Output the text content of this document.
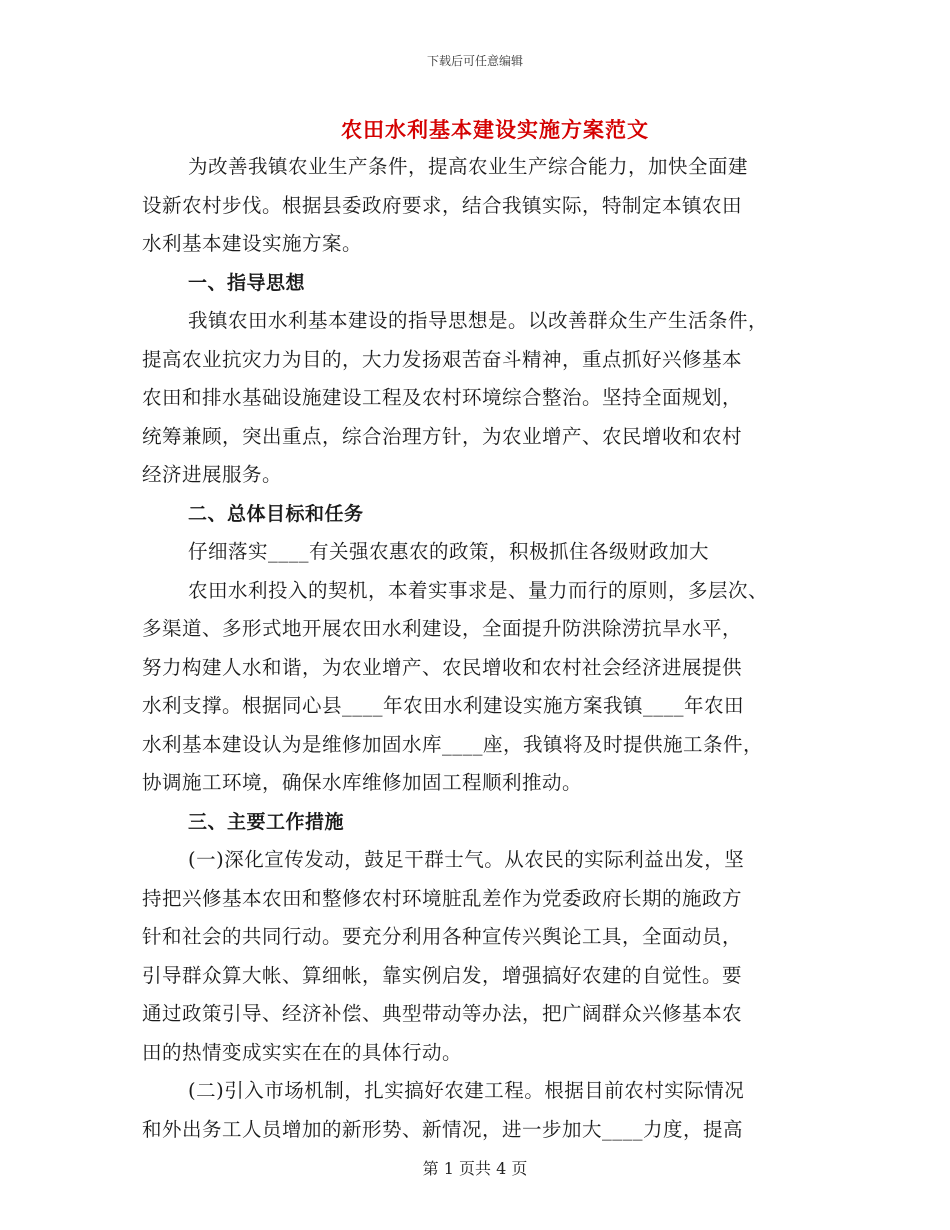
下载后可任意编辑
农田水利基本建设实施方案范文
为改善我镇农业生产条件，提高农业生产综合能力，加快全面建
设新农村步伐。根据县委政府要求，结合我镇实际，特制定本镇农田
水利基本建设实施方案。
一、指导思想
我镇农田水利基本建设的指导思想是。以改善群众生产生活条件，
提高农业抗灾力为目的，大力发扬艰苦奋斗精神，重点抓好兴修基本
农田和排水基础设施建设工程及农村环境综合整治。坚持全面规划，
统筹兼顾，突出重点，综合治理方针，为农业增产、农民增收和农村
经济进展服务。
二、总体目标和任务
仔细落实____有关强农惠农的政策，积极抓住各级财政加大
农田水利投入的契机，本着实事求是、量力而行的原则，多层次、
多渠道、多形式地开展农田水利建设，全面提升防洪除涝抗旱水平，
努力构建人水和谐，为农业增产、农民增收和农村社会经济进展提供
水利支撑。根据同心县____年农田水利建设实施方案我镇____年农田
水利基本建设认为是维修加固水库____座，我镇将及时提供施工条件，
协调施工环境，确保水库维修加固工程顺利推动。
三、主要工作措施
(一)深化宣传发动，鼓足干群士气。从农民的实际利益出发，坚
持把兴修基本农田和整修农村环境脏乱差作为党委政府长期的施政方
针和社会的共同行动。要充分利用各种宣传兴舆论工具，全面动员，
引导群众算大帐、算细帐，靠实例启发，增强搞好农建的自觉性。要
通过政策引导、经济补偿、典型带动等办法，把广阔群众兴修基本农
田的热情变成实实在在的具体行动。
(二)引入市场机制，扎实搞好农建工程。根据目前农村实际情况
和外出务工人员增加的新形势、新情况，进一步加大____力度，提高
第 1 页共 4 页
